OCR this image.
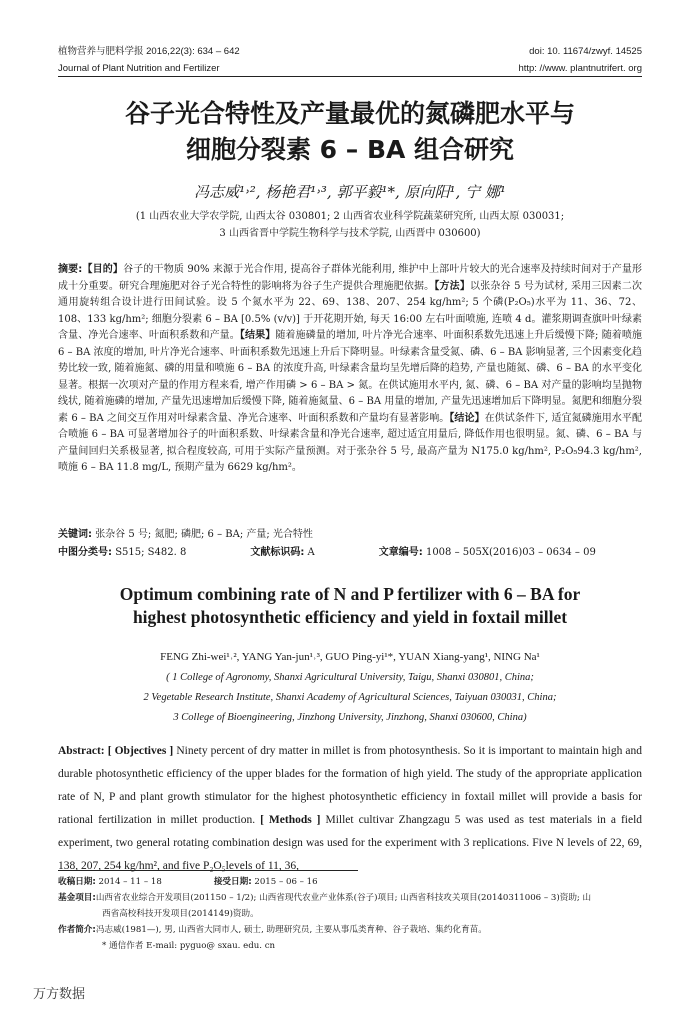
植物营养与肥料学报 2016,22(3): 634 – 642	doi: 10. 11674/zwyf. 14525
Journal of Plant Nutrition and Fertilizer	http: //www. plantnutrifert. org
谷子光合特性及产量最优的氮磷肥水平与
细胞分裂素 6 – BA 组合研究
冯志威¹˒², 杨艳君¹˒³, 郭平毅¹*, 原向阳¹, 宁 娜¹
(1 山西农业大学农学院, 山西太谷 030801; 2 山西省农业科学院蔬菜研究所, 山西太原 030031;
3 山西省晋中学院生物科学与技术学院, 山西晋中 030600)
摘要:【目的】谷子的干物质 90% 来源于光合作用, 提高谷子群体光能利用, 维护中上部叶片较大的光合速率及持续时间对于产量形成十分重要。研究合理施肥对谷子光合特性的影响将为谷子生产提供合理施肥依据。【方法】以张杂谷 5 号为试材, 采用三因素二次通用旋转组合设计进行田间试验。设 5 个氮水平为 22、69、138、207、254 kg/hm²; 5 个磷(P₂O₅)水平为 11、36、72、108、133 kg/hm²; 细胞分裂素 6 – BA [0.5% (v/v)] 于开花期开始, 每天 16:00 左右叶面喷施, 连喷 4 d。灌浆期调查旗叶叶绿素含量、净光合速率、叶面积系数和产量。【结果】随着施磷量的增加, 叶片净光合速率、叶面积系数先迅速上升后缓慢下降; 随着喷施 6 – BA 浓度的增加, 叶片净光合速率、叶面积系数先迅速上升后下降明显。叶绿素含量受氮、磷、6 – BA 影响显著, 三个因素变化趋势比较一致, 随着施氮、磷的用量和喷施 6 – BA 的浓度升高, 叶绿素含量均呈先增后降的趋势, 产量也随氮、磷、6 – BA 的水平变化显著。根据一次项对产量的作用方程来看, 增产作用磷 > 6 – BA > 氮。在供试施用水平内, 氮、磷、6 – BA 对产量的影响均呈抛物线状, 随着施磷的增加, 产量先迅速增加后缓慢下降, 随着施氮量、6 – BA 用量的增加, 产量先迅速增加后下降明显。氮肥和细胞分裂素 6 – BA 之间交互作用对叶绿素含量、净光合速率、叶面积系数和产量均有显著影响。【结论】在供试条件下, 适宜氮磷施用水平配合喷施 6 – BA 可显著增加谷子的叶面积系数、叶绿素含量和净光合速率, 超过适宜用量后, 降低作用也很明显。氮、磷、6 – BA 与产量间回归关系极显著, 拟合程度较高, 可用于实际产量预测。对于张杂谷 5 号, 最高产量为 N175.0 kg/hm², P₂O₅94.3 kg/hm², 喷施 6 – BA 11.8 mg/L, 预期产量为 6629 kg/hm²。
关键词: 张杂谷 5 号; 氮肥; 磷肥; 6 – BA; 产量; 光合特性
中图分类号: S515; S482. 8	文献标识码: A	文章编号: 1008 – 505X(2016)03 – 0634 – 09
Optimum combining rate of N and P fertilizer with 6 – BA for
highest photosynthetic efficiency and yield in foxtail millet
FENG Zhi-wei¹˒², YANG Yan-jun¹˒³, GUO Ping-yi¹*, YUAN Xiang-yang¹, NING Na¹
( 1 College of Agronomy, Shanxi Agricultural University, Taigu, Shanxi 030801, China;
2 Vegetable Research Institute, Shanxi Academy of Agricultural Sciences, Taiyuan 030031, China;
3 College of Bioengineering, Jinzhong University, Jinzhong, Shanxi 030600, China)
Abstract: [ Objectives ] Ninety percent of dry matter in millet is from photosynthesis. So it is important to maintain high and durable photosynthetic efficiency of the upper blades for the formation of high yield. The study of the appropriate application rate of N, P and plant growth stimulator for the highest photosynthetic efficiency in foxtail millet will provide a basis for rational fertilization in millet production. [ Methods ] Millet cultivar Zhangzagu 5 was used as test materials in a field experiment, two general rotating combination design was used for the experiment with 3 replications. Five N levels of 22, 69, 138, 207, 254 kg/hm², and five P₂O₅levels of 11, 36,
收稿日期: 2014 – 11 – 18	接受日期: 2015 – 06 – 16
基金项目:山西省农业综合开发项目(201150 – 1/2); 山西省现代农业产业体系(谷子)项目; 山西省科技攻关项目(20140311006 – 3)资助; 山
西省高校科技开发项目(2014149)资助。
作者简介:冯志威(1981—), 男, 山西省大同市人, 硕士, 助理研究员, 主要从事瓜类育种、谷子栽培、集约化育苗。
* 通信作者 E-mail: pyguo@ sxau. edu. cn
万方数据
